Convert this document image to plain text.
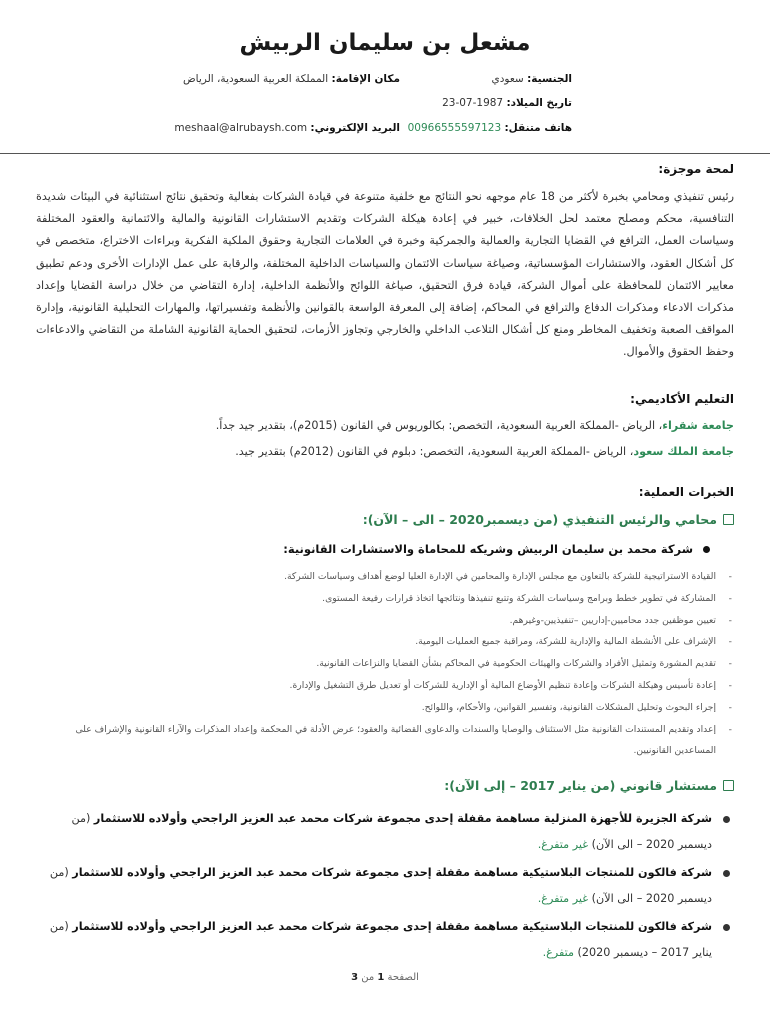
مشعل بن سليمان الربيش
الجنسية: سعودي
مكان الإقامة: المملكة العربية السعودية، الرياض
تاريخ الميلاد: 23-07-1987
هاتف متنقل: 00966555597123
البريد الإلكتروني: meshaal@alrubaysh.com
لمحة موجزة:
رئيس تنفيذي ومحامي بخبرة لأكثر من 18 عام موجهه نحو النتائج مع خلفية متنوعة في قيادة الشركات بفعالية وتحقيق نتائج استثنائية في البيئات شديدة التنافسية، محكم ومصلح معتمد لحل الخلافات، خبير في إعادة هيكلة الشركات وتقديم الاستشارات القانونية والمالية والائتمانية والعقود المختلفة وسياسات العمل، الترافع في القضايا التجارية والعمالية والجمركية وخبرة في العلامات التجارية وحقوق الملكية الفكرية وبراءات الاختراع، متخصص في كل أشكال العقود، والاستشارات المؤسساتية، وصياغة سياسات الائتمان والسياسات الداخلية المختلفة، والرقابة على عمل الإدارات الأخرى ودعم تطبيق معايير الائتمان للمحافظة على أموال الشركة، قيادة فرق التحقيق، صياغة اللوائح والأنظمة الداخلية، إدارة التقاضي من خلال دراسة القضايا وإعداد مذكرات الادعاء ومذكرات الدفاع والترافع في المحاكم، إضافة إلى المعرفة الواسعة بالقوانين والأنظمة وتفسيراتها، والمهارات التحليلية القانونية، وإدارة المواقف الصعبة وتخفيف المخاطر ومنع كل أشكال التلاعب الداخلي والخارجي وتجاوز الأزمات، لتحقيق الحماية القانونية الشاملة من التقاضي والادعاءات وحفظ الحقوق والأموال.
التعليم الأكاديمي:
جامعة شقراء، الرياض -المملكة العربية السعودية، التخصص: بكالوريوس في القانون (2015م)، بتقدير جيد جداً.
جامعة الملك سعود، الرياض -المملكة العربية السعودية، التخصص: دبلوم في القانون (2012م) بتقدير جيد.
الخبرات العملية:
محامي والرئيس التنفيذي (من ديسمبر2020 – الى – الآن):
شركة محمد بن سليمان الربيش وشريكه للمحاماة والاستشارات القانونية:
- القيادة الاستراتيجية للشركة بالتعاون مع مجلس الإدارة والمحامين في الإدارة العليا لوضع أهداف وسياسات الشركة.
- المشاركة في تطوير خطط وبرامج وسياسات الشركة وتتبع تنفيذها ونتائجها اتخاذ قرارات رفيعة المستوى.
- تعيين موظفين جدد محاميين-إداريين –تنفيذيين-وغيرهم.
- الإشراف على الأنشطة المالية والإدارية للشركة، ومراقبة جميع العمليات اليومية.
- تقديم المشورة وتمثيل الأفراد والشركات والهيئات الحكومية في المحاكم بشأن القضايا والنزاعات القانونية.
- إعادة تأسيس وهيكلة الشركات وإعادة تنظيم الأوضاع المالية أو الإدارية للشركات أو تعديل طرق التشغيل والإدارة.
- إجراء البحوث وتحليل المشكلات القانونية، وتفسير القوانين، والأحكام، واللوائح.
- إعداد وتقديم المستندات القانونية مثل الاستئناف والوصايا والسندات والدعاوى القضائية والعقود؛ عرض الأدلة في المحكمة وإعداد المذكرات والآراء القانونية والإشراف على المساعدين القانونيين.
مستشار قانوني (من يناير 2017 – إلى الآن):
شركة الجزيرة للأجهزة المنزلية مساهمة مقفلة إحدى مجموعة شركات محمد عبد العزيز الراجحي وأولاده للاستثمار (من ديسمبر 2020 – الى الآن) غير متفرغ.
شركة فالكون للمنتجات البلاستيكية مساهمة مقفلة إحدى مجموعة شركات محمد عبد العزيز الراجحي وأولاده للاستثمار (من ديسمبر 2020 – الى الآن) غير متفرغ.
شركة فالكون للمنتجات البلاستيكية مساهمة مقفلة إحدى مجموعة شركات محمد عبد العزيز الراجحي وأولاده للاستثمار (من يناير 2017 – ديسمبر 2020) متفرغ.
الصفحة 1 من 3
